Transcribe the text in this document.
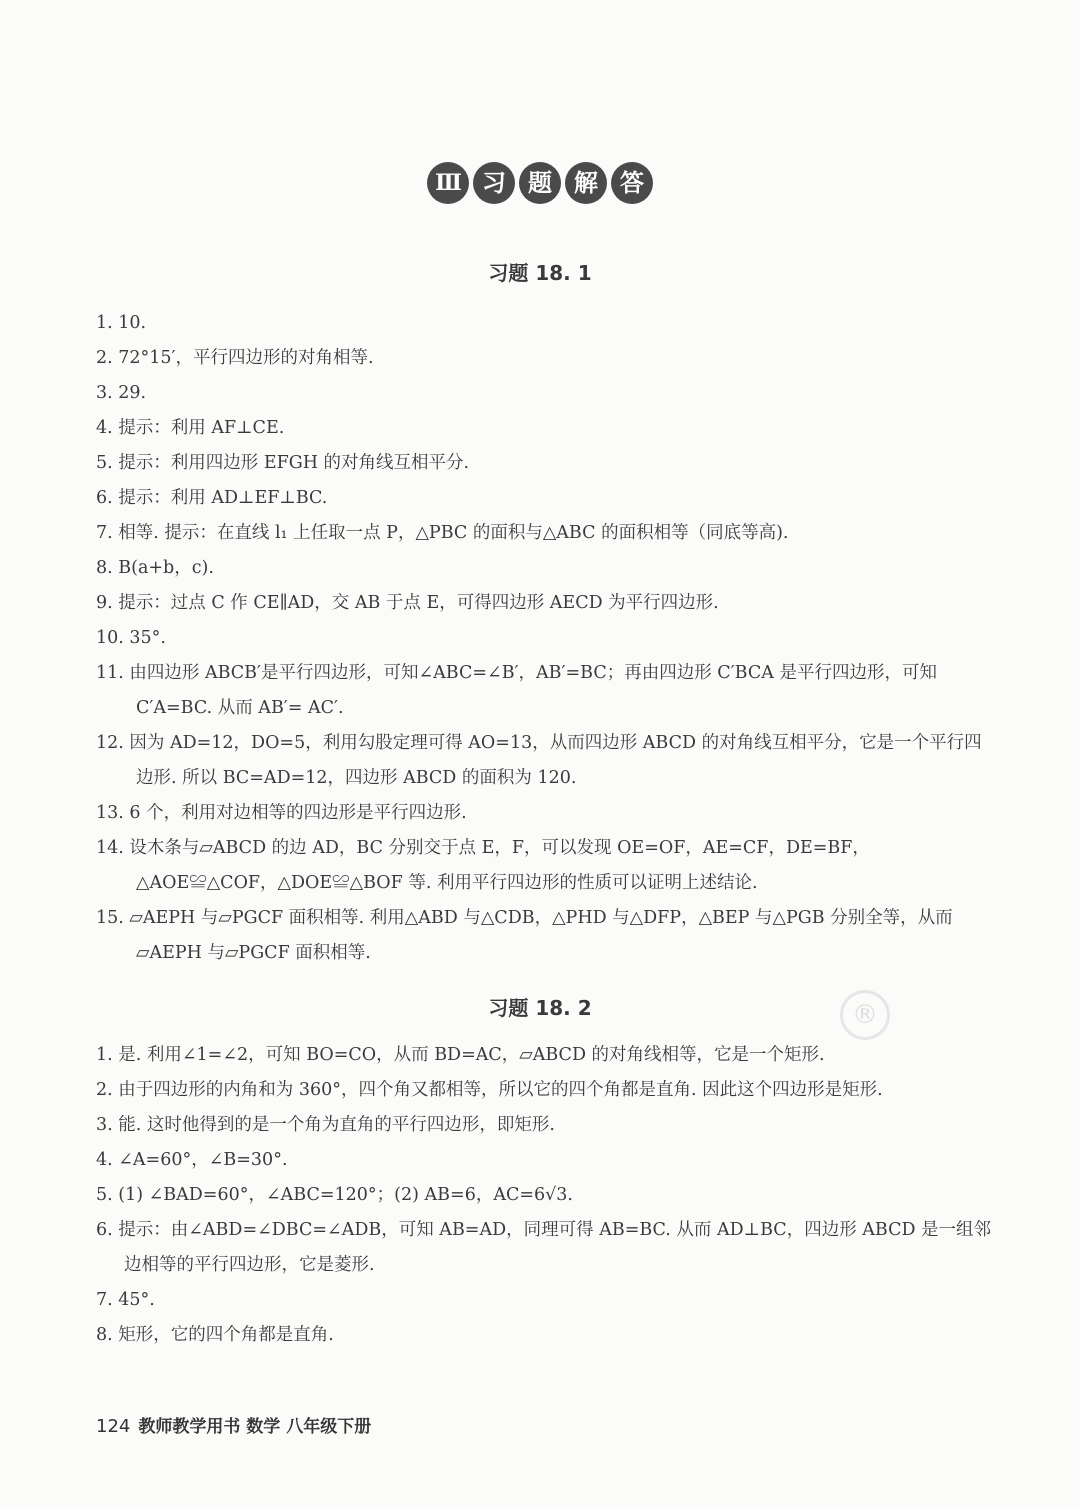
Ⅲ 习 题 解 答
习题 18. 1
1. 10.
2. 72°15′，平行四边形的对角相等.
3. 29.
4. 提示：利用 AF⊥CE.
5. 提示：利用四边形 EFGH 的对角线互相平分.
6. 提示：利用 AD⊥EF⊥BC.
7. 相等. 提示：在直线 l₁ 上任取一点 P，△PBC 的面积与△ABC 的面积相等（同底等高).
8. B(a+b，c).
9. 提示：过点 C 作 CE∥AD，交 AB 于点 E，可得四边形 AECD 为平行四边形.
10. 35°.
11. 由四边形 ABCB′是平行四边形，可知∠ABC=∠B′，AB′=BC；再由四边形 C′BCA 是平行四边形，可知 C′A=BC. 从而 AB′= AC′.
12. 因为 AD=12，DO=5，利用勾股定理可得 AO=13，从而四边形 ABCD 的对角线互相平分，它是一个平行四边形. 所以 BC=AD=12，四边形 ABCD 的面积为 120.
13. 6 个，利用对边相等的四边形是平行四边形.
14. 设木条与▱ABCD 的边 AD，BC 分别交于点 E，F，可以发现 OE=OF，AE=CF，DE=BF，△AOE≌△COF，△DOE≌△BOF 等. 利用平行四边形的性质可以证明上述结论.
15. ▱AEPH 与▱PGCF 面积相等. 利用△ABD 与△CDB，△PHD 与△DFP，△BEP 与△PGB 分别全等，从而▱AEPH 与▱PGCF 面积相等.
习题 18. 2
1. 是. 利用∠1=∠2，可知 BO=CO，从而 BD=AC，▱ABCD 的对角线相等，它是一个矩形.
2. 由于四边形的内角和为 360°，四个角又都相等，所以它的四个角都是直角. 因此这个四边形是矩形.
3. 能. 这时他得到的是一个角为直角的平行四边形，即矩形.
4. ∠A=60°，∠B=30°.
5. (1) ∠BAD=60°，∠ABC=120°；(2) AB=6，AC=6√3.
6. 提示：由∠ABD=∠DBC=∠ADB，可知 AB=AD，同理可得 AB=BC. 从而 AD⊥BC，四边形 ABCD 是一组邻边相等的平行四边形，它是菱形.
7. 45°.
8. 矩形，它的四个角都是直角.
®
124 教师教学用书 数学 八年级下册
